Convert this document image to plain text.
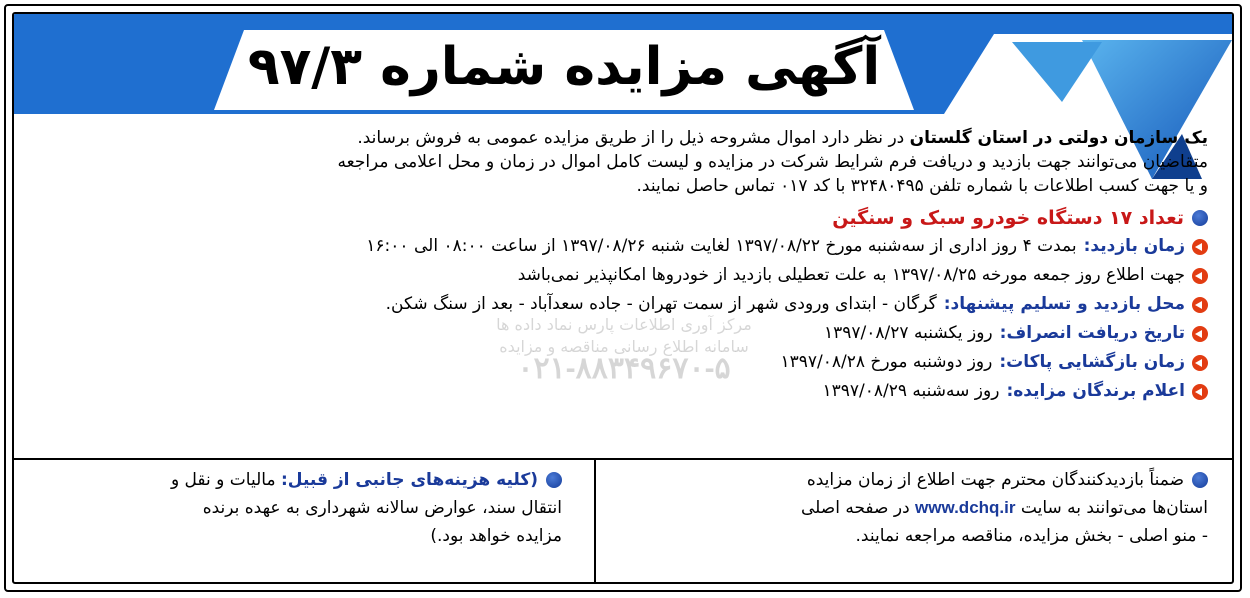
آگهی مزایده شماره ۹۷/۳
مرکز آوری اطلاعات پارس نماد داده ها
سامانه اطلاع رسانی مناقصه و مزایده
۰۲۱-۸۸۳۴۹۶۷۰-۵
یک سازمان دولتی در استان گلستان در نظر دارد اموال مشروحه ذیل را از طریق مزایده عمومی به فروش برساند.
متقاضیان می‌توانند جهت بازدید و دریافت فرم شرایط شرکت در مزایده و لیست کامل اموال در زمان و محل اعلامی مراجعه
و یا جهت کسب اطلاعات با شماره تلفن ۳۲۴۸۰۴۹۵ با کد ۰۱۷ تماس حاصل نمایند.
تعداد ۱۷ دستگاه خودرو سبک و سنگین
زمان بازدید:
بمدت ۴ روز اداری از سه‌شنبه مورخ ۱۳۹۷/۰۸/۲۲ لغایت شنبه ۱۳۹۷/۰۸/۲۶ از ساعت ۰۸:۰۰ الی ۱۶:۰۰
جهت اطلاع روز جمعه مورخه ۱۳۹۷/۰۸/۲۵ به علت تعطیلی بازدید از خودروها امکانپذیر نمی‌باشد
محل بازدید و تسلیم پیشنهاد:
گرگان - ابتدای ورودی شهر از سمت تهران - جاده سعدآباد - بعد از سنگ شکن.
تاریخ دریافت انصراف:
روز یکشنبه ۱۳۹۷/۰۸/۲۷
زمان بازگشایی پاکات:
روز دوشنبه مورخ ۱۳۹۷/۰۸/۲۸
اعلام برندگان مزایده:
روز سه‌شنبه ۱۳۹۷/۰۸/۲۹
ضمناً بازدیدکنندگان محترم جهت اطلاع از زمان مزایده
استان‌ها می‌توانند به سایت www.dchq.ir در صفحه اصلی
- منو اصلی - بخش مزایده، مناقصه مراجعه نمایند.
(کلیه هزینه‌های جانبی از قبیل: مالیات و نقل و
انتقال سند، عوارض سالانه شهرداری به عهده برنده
مزایده خواهد بود.)
